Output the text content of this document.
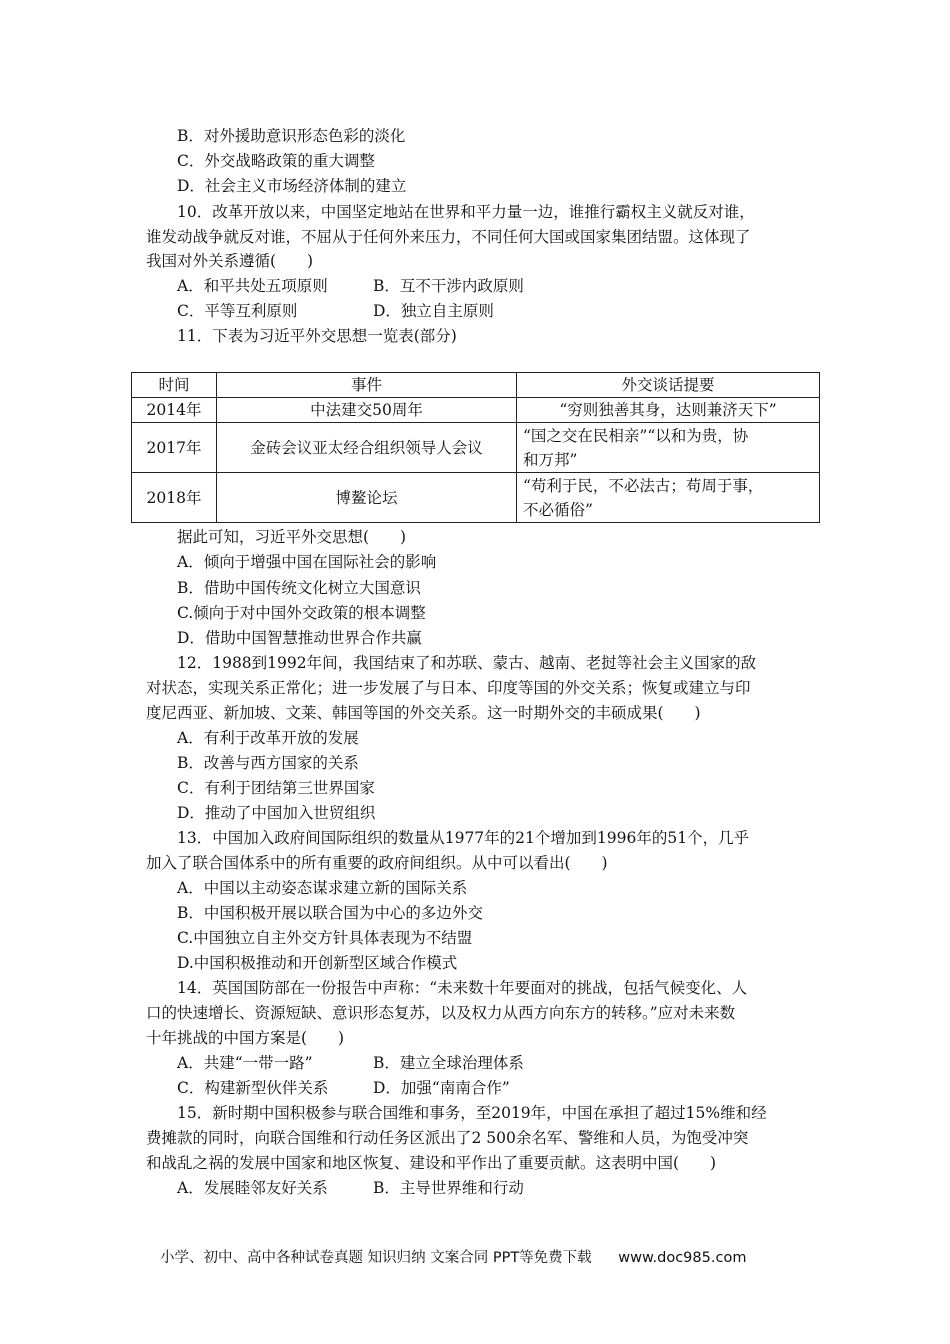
B．对外援助意识形态色彩的淡化
C．外交战略政策的重大调整
D．社会主义市场经济体制的建立
10．改革开放以来，中国坚定地站在世界和平力量一边，谁推行霸权主义就反对谁，
谁发动战争就反对谁，不屈从于任何外来压力，不同任何大国或国家集团结盟。这体现了
我国对外关系遵循(　　)
A．和平共处五项原则	B．互不干涉内政原则
C．平等互利原则	D．独立自主原则
11．下表为习近平外交思想一览表(部分)
时间	事件	外交谈话提要
2014年	中法建交50周年	“穷则独善其身，达则兼济天下”
2017年	金砖会议亚太经合组织领导人会议	“国之交在民相亲”“以和为贵，协
和万邦”
2018年	博鳌论坛	“苟利于民，不必法古；苟周于事，
不必循俗”
据此可知，习近平外交思想(　　)
A．倾向于增强中国在国际社会的影响
B．借助中国传统文化树立大国意识
C.倾向于对中国外交政策的根本调整
D．借助中国智慧推动世界合作共赢
12．1988到1992年间，我国结束了和苏联、蒙古、越南、老挝等社会主义国家的敌
对状态，实现关系正常化；进一步发展了与日本、印度等国的外交关系；恢复或建立与印
度尼西亚、新加坡、文莱、韩国等国的外交关系。这一时期外交的丰硕成果(　　)
A．有利于改革开放的发展
B．改善与西方国家的关系
C．有利于团结第三世界国家
D．推动了中国加入世贸组织
13．中国加入政府间国际组织的数量从1977年的21个增加到1996年的51个，几乎
加入了联合国体系中的所有重要的政府间组织。从中可以看出(　　)
A．中国以主动姿态谋求建立新的国际关系
B．中国积极开展以联合国为中心的多边外交
C.中国独立自主外交方针具体表现为不结盟
D.中国积极推动和开创新型区域合作模式
14．英国国防部在一份报告中声称：“未来数十年要面对的挑战，包括气候变化、人
口的快速增长、资源短缺、意识形态复苏，以及权力从西方向东方的转移。”应对未来数
十年挑战的中国方案是(　　)
A．共建“一带一路”	B．建立全球治理体系
C．构建新型伙伴关系	D．加强“南南合作”
15．新时期中国积极参与联合国维和事务，至2019年，中国在承担了超过15%维和经
费摊款的同时，向联合国维和行动任务区派出了2 500余名军、警维和人员，为饱受冲突
和战乱之祸的发展中国家和地区恢复、建设和平作出了重要贡献。这表明中国(　　)
A．发展睦邻友好关系	B．主导世界维和行动
小学、初中、高中各种试卷真题 知识归纳 文案合同 PPT等免费下载 www.doc985.com
